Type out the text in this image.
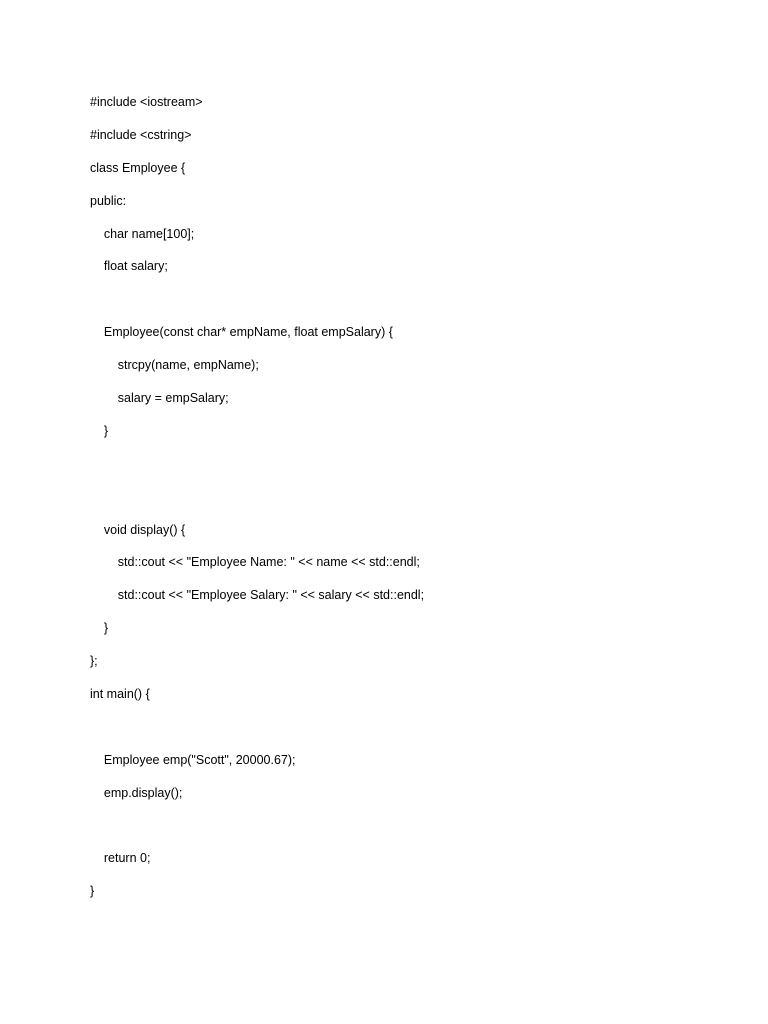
#include <iostream>
#include <cstring>
class Employee {
public:
char name[100];
float salary;
Employee(const char* empName, float empSalary) {
strcpy(name, empName);
salary = empSalary;
}
void display() {
std::cout << "Employee Name: " << name << std::endl;
std::cout << "Employee Salary: " << salary << std::endl;
}
};
int main() {
Employee emp("Scott", 20000.67);
emp.display();
return 0;
}
